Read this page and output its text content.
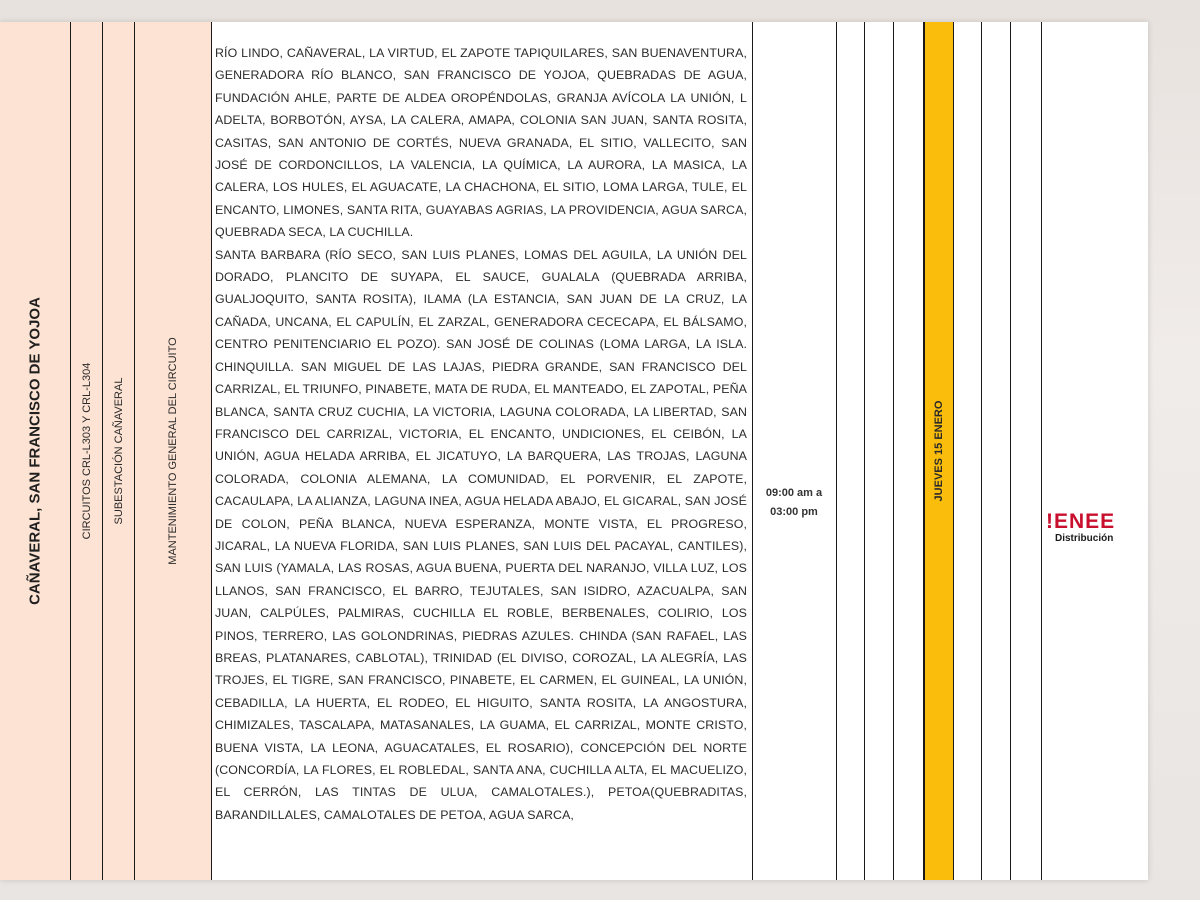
CAÑAVERAL, SAN FRANCISCO DE YOJOA	CIRCUITOS CRL-L303 Y CRL-L304 SUBESTACIÓN CAÑAVERAL	MANTENIMIENTO GENERAL DEL CIRCUITO

RÍO LINDO, CAÑAVERAL, LA VIRTUD, EL ZAPOTE TAPIQUILARES, SAN BUENAVENTURA, GENERADORA RÍO BLANCO, SAN FRANCISCO DE YOJOA, QUEBRADAS DE AGUA, FUNDACIÓN AHLE, PARTE DE ALDEA OROPÉNDOLAS, GRANJA AVÍCOLA LA UNIÓN, L ADELTA, BORBOTÓN, AYSA, LA CALERA, AMAPA, COLONIA SAN JUAN, SANTA ROSITA, CASITAS, SAN ANTONIO DE CORTÉS, NUEVA GRANADA, EL SITIO, VALLECITO, SAN JOSÉ DE CORDONCILLOS, LA VALENCIA, LA QUÍMICA, LA AURORA, LA MASICA, LA CALERA, LOS HULES, EL AGUACATE, LA CHACHONA, EL SITIO, LOMA LARGA, TULE, EL ENCANTO, LIMONES, SANTA RITA, GUAYABAS AGRIAS, LA PROVIDENCIA, AGUA SARCA, QUEBRADA SECA, LA CUCHILLA.

SANTA BARBARA (RÍO SECO, SAN LUIS PLANES, LOMAS DEL AGUILA, LA UNIÓN DEL DORADO, PLANCITO DE SUYAPA, EL SAUCE, GUALALA (QUEBRADA ARRIBA, GUALJOQUITO, SANTA ROSITA), ILAMA (LA ESTANCIA, SAN JUAN DE LA CRUZ, LA CAÑADA, UNCANA, EL CAPULÍN, EL ZARZAL, GENERADORA CECECAPA, EL BÁLSAMO, CENTRO PENITENCIARIO EL POZO). SAN JOSÉ DE COLINAS (LOMA LARGA, LA ISLA. CHINQUILLA. SAN MIGUEL DE LAS LAJAS, PIEDRA GRANDE, SAN FRANCISCO DEL CARRIZAL, EL TRIUNFO, PINABETE, MATA DE RUDA, EL MANTEADO, EL ZAPOTAL, PEÑA BLANCA, SANTA CRUZ CUCHIA, LA VICTORIA, LAGUNA COLORADA, LA LIBERTAD, SAN FRANCISCO DEL CARRIZAL, VICTORIA, EL ENCANTO, UNDICIONES, EL CEIBÓN, LA UNIÓN, AGUA HELADA ARRIBA, EL JICATUYO, LA BARQUERA, LAS TROJAS, LAGUNA COLORADA, COLONIA ALEMANA, LA COMUNIDAD, EL PORVENIR, EL ZAPOTE, CACAULAPA, LA ALIANZA, LAGUNA INEA, AGUA HELADA ABAJO, EL GICARAL, SAN JOSÉ DE COLON, PEÑA BLANCA, NUEVA ESPERANZA, MONTE VISTA, EL PROGRESO, JICARAL, LA NUEVA FLORIDA, SAN LUIS PLANES, SAN LUIS DEL PACAYAL, CANTILES), SAN LUIS (YAMALA, LAS ROSAS, AGUA BUENA, PUERTA DEL NARANJO, VILLA LUZ, LOS LLANOS, SAN FRANCISCO, EL BARRO, TEJUTALES, SAN ISIDRO, AZACUALPA, SAN JUAN, CALPÚLES, PALMIRAS, CUCHILLA EL ROBLE, BERBENALES, COLIRIO, LOS PINOS, TERRERO, LAS GOLONDRINAS, PIEDRAS AZULES. CHINDA (SAN RAFAEL, LAS BREAS, PLATANARES, CABLOTAL), TRINIDAD (EL DIVISO, COROZAL, LA ALEGRÍA, LAS TROJES, EL TIGRE, SAN FRANCISCO, PINABETE, EL CARMEN, EL GUINEAL, LA UNIÓN, CEBADILLA, LA HUERTA, EL RODEO, EL HIGUITO, SANTA ROSITA, LA ANGOSTURA, CHIMIZALES, TASCALAPA, MATASANALES, LA GUAMA, EL CARRIZAL, MONTE CRISTO, BUENA VISTA, LA LEONA, AGUACATALES, EL ROSARIO), CONCEPCIÓN DEL NORTE (CONCORDÍA, LA FLORES, EL ROBLEDAL, SANTA ANA, CUCHILLA ALTA, EL MACUELIZO, EL CERRÓN, LAS TINTAS DE ULUA, CAMALOTALES.), PETOA(QUEBRADITAS, BARANDILLALES, CAMALOTALES DE PETOA, AGUA SARCA,

09:00 am a
03:00 pm
JUEVES 15 ENERO
!ENEE
Distribución
